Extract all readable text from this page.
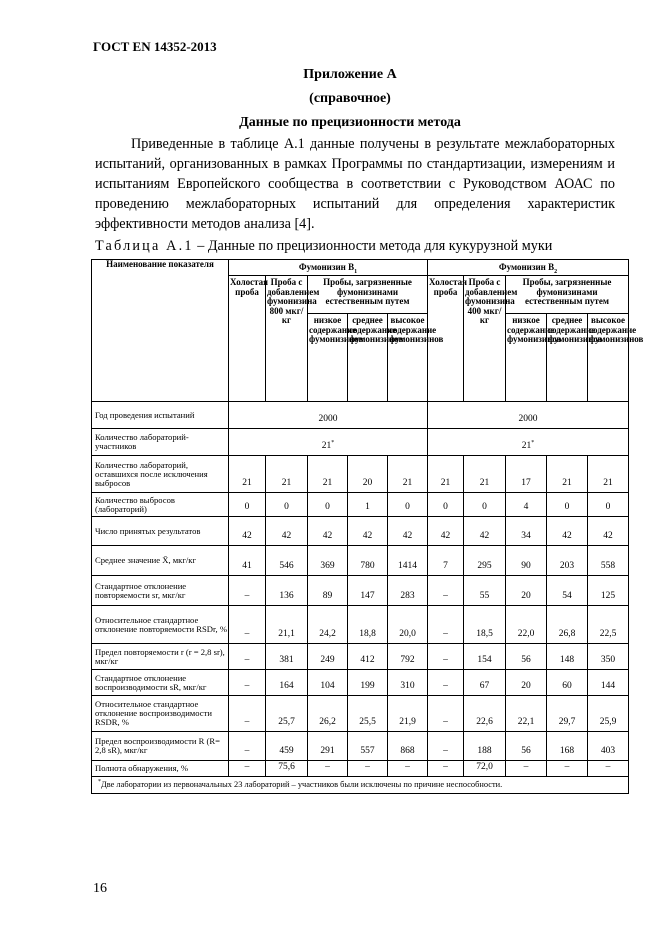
ГОСТ EN 14352-2013
Приложение А
(справочное)
Данные по прецизионности метода

Приведенные в таблице А.1 данные получены в результате межлабораторных испытаний, организованных в рамках Программы по стандартизации, измерениям и испытаниям Европейского сообщества в соответствии с Руководством АОАС по проведению межлабораторных испытаний для определения характеристик эффективности методов анализа [4].

Таблица А.1 – Данные по прецизионности метода для кукурузной муки
Наименование показателя	Фумонизин $B_1$					Фумонизин $B_2$
	Холостая проба	Проба с добавлением фумонизина 800 мкг/кг	Пробы, загрязненные фумонизинами естественным путем			Холостая проба	Проба с добавлением фумонизина 400 мкг/кг	Пробы, загрязненные фумонизинами естественным путем		
			низкое содержание фумонизинов	среднее содержание фумонизинов	высокое содержание фумонизинов			низкое содержание фумонизинов	среднее содержание фумонизинов	высокое содержание фумонизинов
Год проведения испытаний	2000					2000				
Количество лабораторий-участников	21*					21*
Количество лабораторий, оставшихся после исключения выбросов	21	21	21	20	21	21	21	17	21	21
Количество выбросов (лабораторий)	0	0	0	1	0	0	0	4	0	0
Число принятых результатов	42	42	42	42	42	42	42	34	42	42
Среднее значение X̄, мкг/кг	41	546	369	780	1414	7	295	90	203	558
Стандартное отклонение повторяемости sr, мкг/кг	–	136	89	147	283	–	55	20	54	125
Относительное стандартное отклонение повторяемости RSDr, %	–	21,1	24,2	18,8	20,0	–	18,5	22,0	26,8	22,5
Предел повторяемости r (r = 2,8 sr), мкг/кг	–	381	249	412	792	–	154	56	148	350
Стандартное отклонение воспроизводимости sR, мкг/кг	–	164	104	199	310	–	67	20	60	144
Относительное стандартное отклонение воспроизводимости RSDR, %	–	25,7	26,2	25,5	21,9	–	22,6	22,1	29,7	25,9
Предел воспроизводимости R (R= 2,8 sR), мкг/кг	–	459	291	557	868	–	188	56	168	403
Полнота обнаружения, %	–	75,6	–	–	–	–	72,0	–	–	–
*Две лаборатории из первоначальных 23 лабораторий – участников были исключены по причине неспособности.										
16
